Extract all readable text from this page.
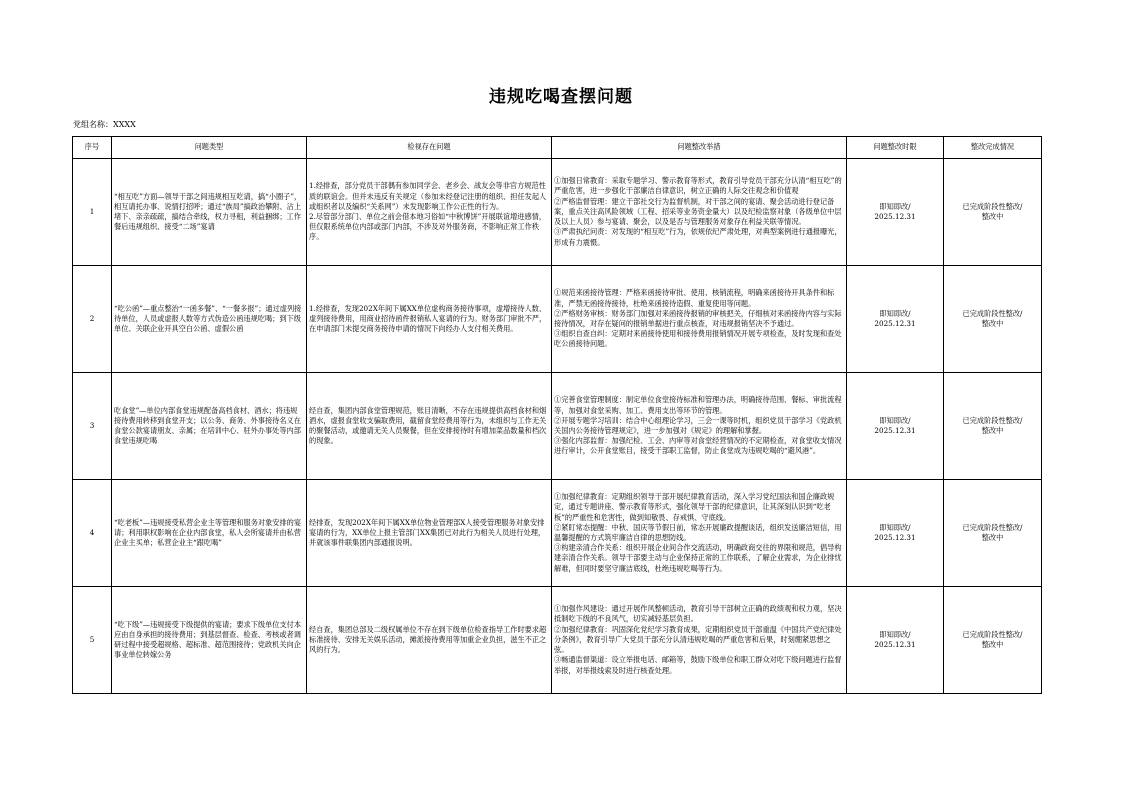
违规吃喝查摆问题
党组名称：XXXX
序号	问题类型	检视存在问题	问题整改举措	问题整改时限	整改完成情况

1	“相互吃”方面—领导干部之间违规相互吃请，搞“小圈子”，相互请托办事、说情打招呼；通过“族局”搞政治攀附、沾上堵下、亲亲疏疏，搞结合牵线，权力寻租，利益捆绑；工作餐后违规组织、接受“二场”宴请	1.经排查，部分党员干部偶有参加同学会、老乡会、战友会等非官方规范性质的联谊会。但并未违反有关规定（参加未经登记注册的组织、担任发起人或组织者以及编织“关系网”）未发现影响工作公正性的行为。
2.尽管部分部门、单位之前会借本地习俗如“中秋博饼”开展联谊增进感情，但仅限系统单位内部或部门内部，不涉及对外服务商，不影响正常工作秩序。	①加强日常教育：采取专题学习、警示教育等形式，教育引导党员干部充分认清“相互吃”的严重危害，进一步强化干部廉洁自律意识，树立正确的人际交往观念和价值观
②严格监督管理：建立干部社交行为监督机制，对干部之间的宴请、聚会活动进行登记备案，重点关注高风险领域（工程、招采等业务资金量大）以及纪检监察对象（各级单位中层及以上人员）参与宴请、聚会，以及是否与管理服务对象存在利益关联等情况。
③严肃执纪问责：对发现的“相互吃”行为，依规依纪严肃处理，对典型案例进行通报曝光，形成有力震慑。	即知即改/
2025.12.31	已完成阶段性整改/
整改中

2	“吃公函”—重点整治“一函多餐”、“一餐多报”；通过虚列接待单位，人员或虚报人数等方式伪造公函违规吃喝；到下级单位、关联企业开具空白公函、虚假公函	1.经排查，发现202X年间下属XX单位虚构商务接待事项，虚增接待人数、虚列接待费用，用商业招待函件报销私人宴请的行为。财务部门审批不严，在申请部门未提交商务接待申请的情况下向经办人支付相关费用。	①规范来函接待管理：严格来函接待审批、使用、核销流程，明确来函接待开具条件和标准，严禁无函接待接待，杜绝来函接待造假、重复使用等问题。
②严格财务审核：财务部门加强对来函接待报销的审核把关，仔细核对来函接待内容与实际接待情况，对存在疑问的报销单据进行重点核查，对违规报销坚决不予通过。
③组织自查自纠：定期对来函接待使用和接待费用报销情况开展专项检查，及时发现和查处吃公函接待问题。	即知即改/
2025.12.31	已完成阶段性整改/
整改中

3	吃食堂”—单位内部食堂违规配备高档食材、酒水；将违规接待费用转移到食堂开支；以公务、商务、外事接待名义在食堂公款宴请朋友、亲属；在培训中心、驻外办事处等内部食堂违规吃喝	经自查，集团内部食堂管理规范，账目清晰，不存在违规提供高档食材和烟酒水，虚报食堂收支骗取费用，截留食堂经费用等行为，未组织与工作无关的聚餐活动，或邀请无关人员聚餐，但在安排接待时有增加菜品数量和档次的现象。	①完善食堂管理制度：制定单位食堂接待标准和管理办法，明确接待范围、餐标、审批流程等，加强对食堂采购、加工、费用支出等环节的管理。
②开展专题学习培训：结合中心组理论学习，三会一课等时机，组织党员干部学习《党政机关国内公务接待管理规定》，进一步加强对《规定》的理解和掌握。
③强化内部监督：加强纪检、工会、内审等对食堂经营情况的不定期检查，对食堂收支情况进行审计，公开食堂账目，接受干部职工监督，防止食堂成为违规吃喝的“避风港”。	即知即改/
2025.12.31	已完成阶段性整改/
整改中

4	“吃老板”—违规接受私营企业主等管理和服务对象安排的宴请；利用职权影响在企业内部食堂，私人会所宴请并由私营企业主买单；私营企业主“跟吃喝”	经排查，发现202X年间下属XX单位物业管理部X人接受管理服务对象安排宴请的行为，XX单位上报主管部门XX集团已对此行为相关人员进行处理，并就该事件联集团内部通报说明。	①加强纪律教育：定期组织领导干部开展纪律教育活动，深入学习党纪国法和国企廉政规定，通过专题讲座、警示教育等形式，强化领导干部的纪律意识，让其深刻认识到“吃老板”的严重性和危害性，做到知敬畏、存戒惧、守底线。
②紧盯常态提醒：中秋、国庆等节假日前，常态开展廉政提醒谈话，组织发送廉洁短信，用温馨提醒的方式筑牢廉洁自律的思想防线。
③构建亲清合作关系：组织开展企业间合作交流活动，明确政商交往的界限和规范，倡导构建亲清合作关系。领导干部要主动与企业保持正常的工作联系，了解企业需求，为企业排忧解难，但同时要坚守廉洁底线，杜绝违规吃喝等行为。	即知即改/
2025.12.31	已完成阶段性整改/
整改中

5	“吃下级”—违规接受下级提供的宴请；要求下级单位支付本应由自身承担的接待费用；到基层督查、检查、考核或者调研过程中接受超规格、超标准、超范围接待；党政机关向企事业单位转嫁公务	经自查，集团总部及二级权属单位不存在到下级单位检查指导工作时要求超标准接待、安排无关娱乐活动，摊派接待费用等加重企业负担，滋生不正之风的行为。	①加强作风建设：通过开展作风整顿活动，教育引导干部树立正确的政绩观和权力观，坚决抵制吃下级的不良风气，切实减轻基层负担。
②加强纪律教育：巩固深化党纪学习教育成果，定期组织党员干部重温《中国共产党纪律处分条例》，教育引导广大党员干部充分认清违规吃喝的严重危害和后果，时刻绷紧思想之弦。
③畅通监督渠道：设立举报电话、邮箱等，鼓励下级单位和职工群众对吃下级问题进行监督举报，对举报线索及时进行核查处理。	即知即改/
2025.12.31	已完成阶段性整改/
整改中
